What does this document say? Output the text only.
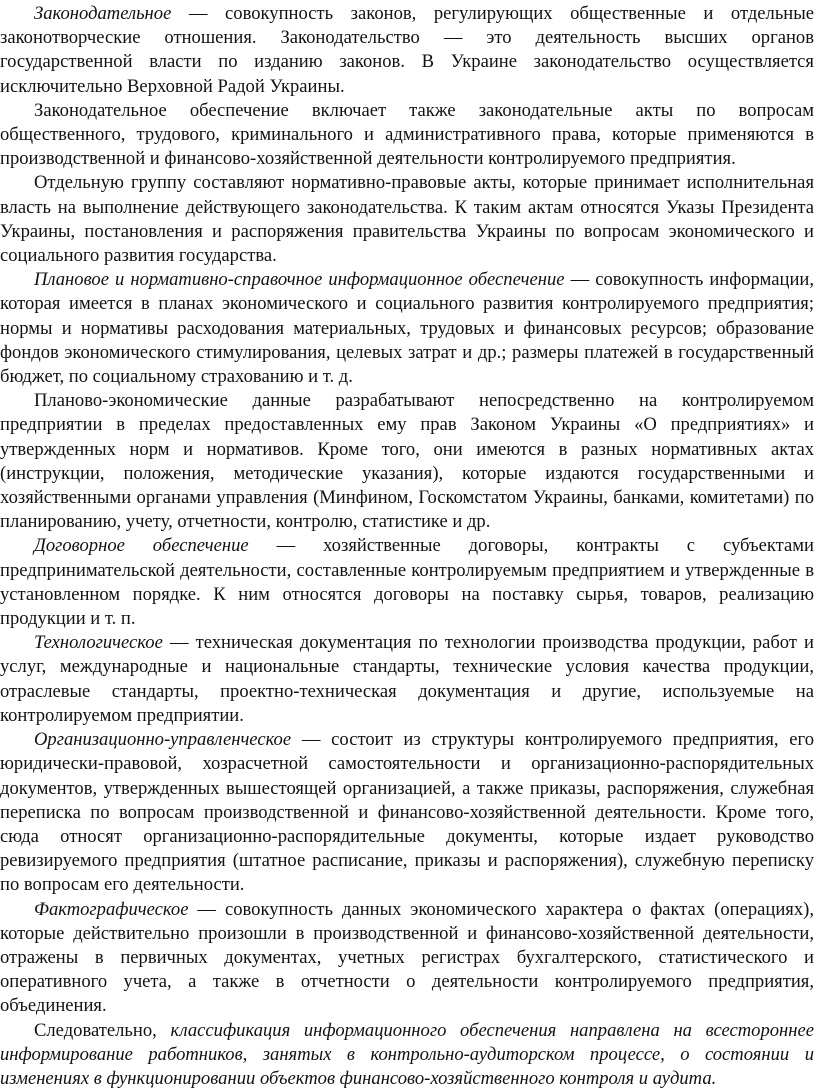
Законодательное — совокупность законов, регулирующих общественные и отдельные законотворческие отношения. Законодательство — это деятельность высших органов государственной власти по изданию законов. В Украине законодательство осуществляется исключительно Верховной Радой Украины.

Законодательное обеспечение включает также законодательные акты по вопросам общественного, трудового, криминального и административного права, которые применяются в производственной и финансово-хозяйственной деятельности контролируемого предприятия.

Отдельную группу составляют нормативно-правовые акты, которые принимает исполнительная власть на выполнение действующего законодательства. К таким актам относятся Указы Президента Украины, постановления и распоряжения правительства Украины по вопросам экономического и социального развития государства.

Плановое и нормативно-справочное информационное обеспечение — совокупность информации, которая имеется в планах экономического и социального развития контролируемого предприятия; нормы и нормативы расходования материальных, трудовых и финансовых ресурсов; образование фондов экономического стимулирования, целевых затрат и др.; размеры платежей в государственный бюджет, по социальному страхованию и т. д.

Планово-экономические данные разрабатывают непосредственно на контролируемом предприятии в пределах предоставленных ему прав Законом Украины «О предприятиях» и утвержденных норм и нормативов. Кроме того, они имеются в разных нормативных актах (инструкции, положения, методические указания), которые издаются государственными и хозяйственными органами управления (Минфином, Госкомстатом Украины, банками, комитетами) по планированию, учету, отчетности, контролю, статистике и др.

Договорное обеспечение — хозяйственные договоры, контракты с субъектами предпринимательской деятельности, составленные контролируемым предприятием и утвержденные в установленном порядке. К ним относятся договоры на поставку сырья, товаров, реализацию продукции и т. п.

Технологическое — техническая документация по технологии производства продукции, работ и услуг, международные и национальные стандарты, технические условия качества продукции, отраслевые стандарты, проектно-техническая документация и другие, используемые на контролируемом предприятии.

Организационно-управленческое — состоит из структуры контролируемого предприятия, его юридически-правовой, хозрасчетной самостоятельности и организационно-распорядительных документов, утвержденных вышестоящей организацией, а также приказы, распоряжения, служебная переписка по вопросам производственной и финансово-хозяйственной деятельности. Кроме того, сюда относят организационно-распорядительные документы, которые издает руководство ревизируемого предприятия (штатное расписание, приказы и распоряжения), служебную переписку по вопросам его деятельности.

Фактографическое — совокупность данных экономического характера о фактах (операциях), которые действительно произошли в производственной и финансово-хозяйственной деятельности, отражены в первичных документах, учетных регистрах бухгалтерского, статистического и оперативного учета, а также в отчетности о деятельности контролируемого предприятия, объединения.

Следовательно, классификация информационного обеспечения направлена на всестороннее информирование работников, занятых в контрольно-аудиторском процессе, о состоянии и изменениях в функционировании объектов финансово-хозяйственного контроля и аудита.
